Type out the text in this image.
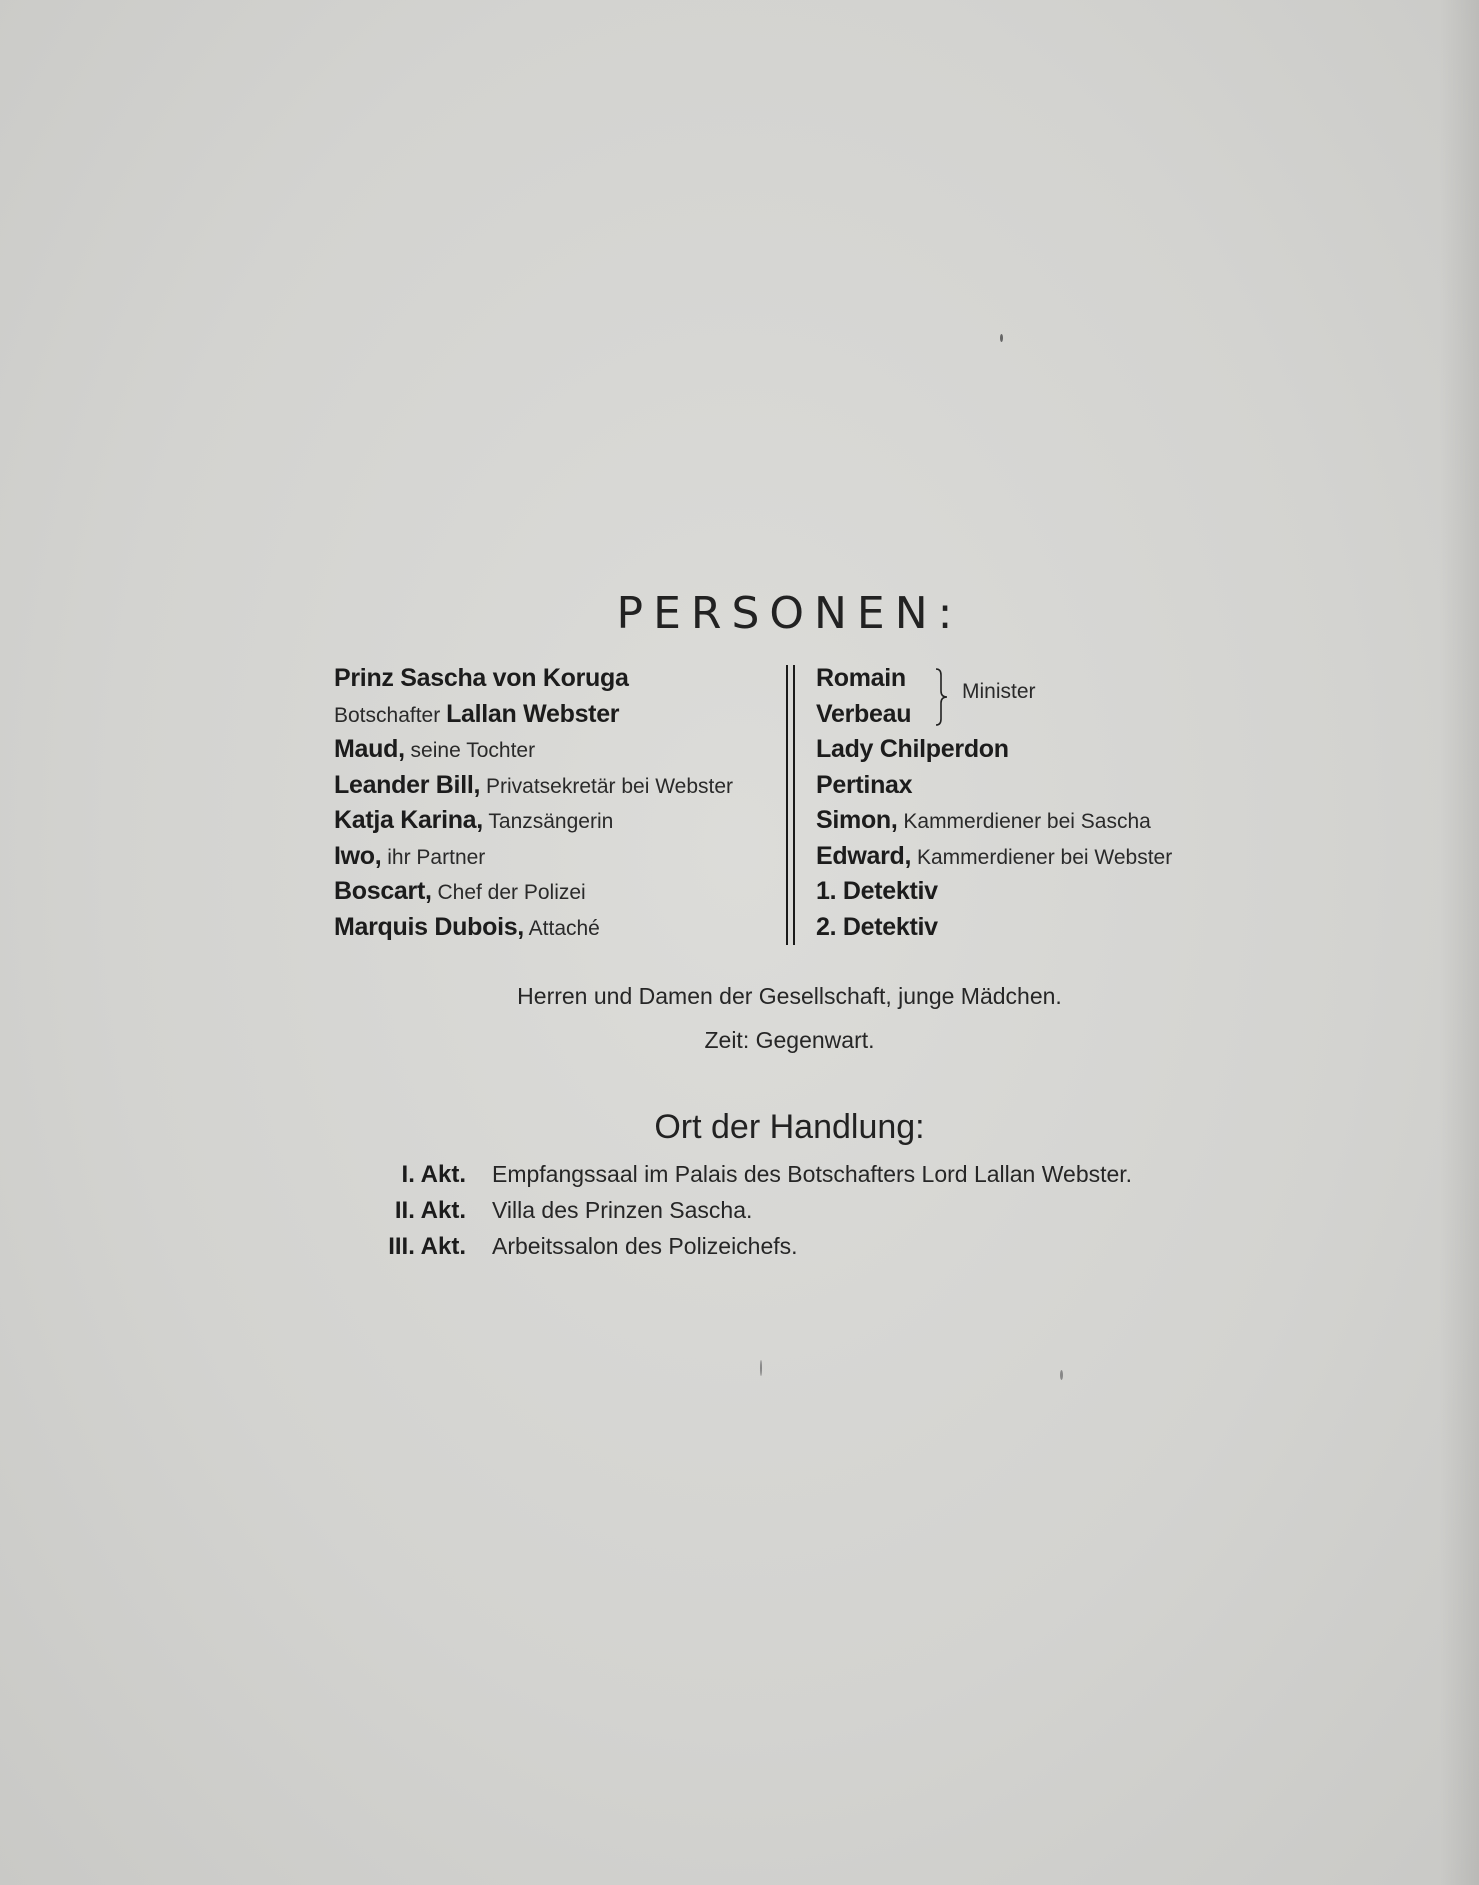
PERSONEN:
Prinz Sascha von Koruga
Botschafter Lallan Webster
Maud, seine Tochter
Leander Bill, Privatsekretär bei Webster
Katja Karina, Tanzsängerin
Iwo, ihr Partner
Boscart, Chef der Polizei
Marquis Dubois, Attaché
Romain
Verbeau
Minister
Lady Chilperdon
Pertinax
Simon, Kammerdiener bei Sascha
Edward, Kammerdiener bei Webster
1. Detektiv
2. Detektiv
Herren und Damen der Gesellschaft, junge Mädchen.
Zeit: Gegenwart.
Ort der Handlung:
I. Akt. Empfangssaal im Palais des Botschafters Lord Lallan Webster.
II. Akt. Villa des Prinzen Sascha.
III. Akt. Arbeitssalon des Polizeichefs.
